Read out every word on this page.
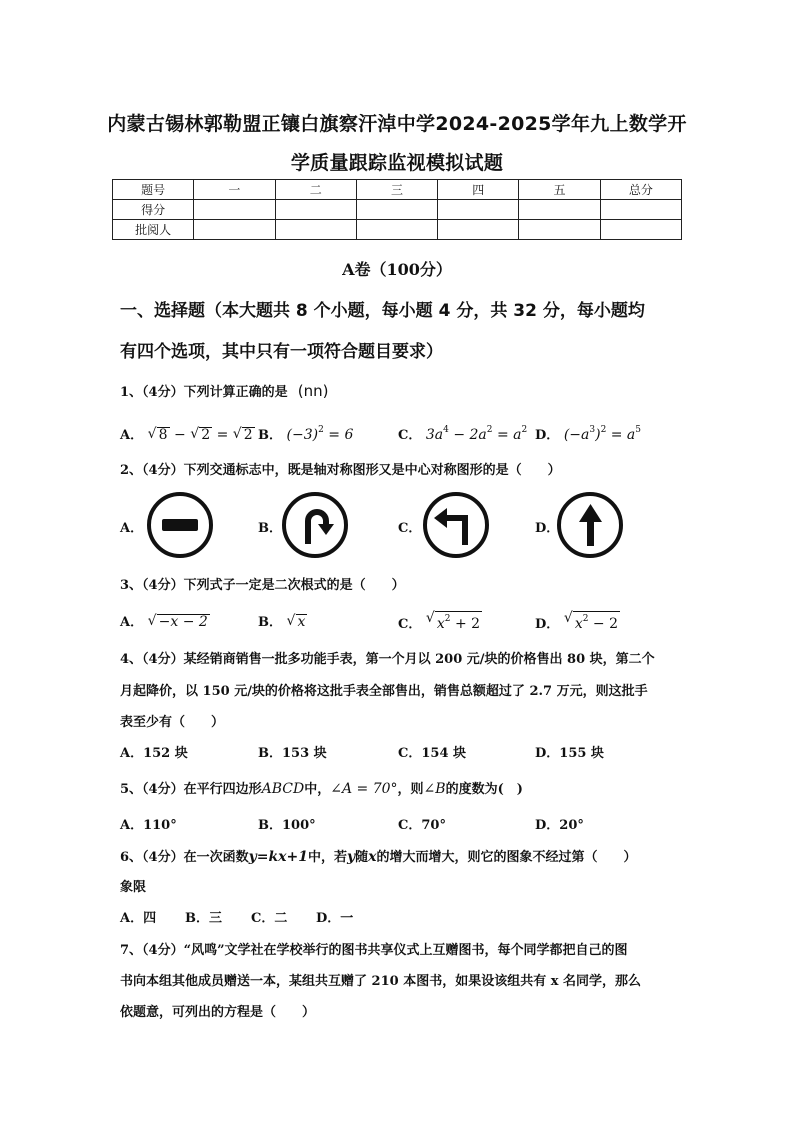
内蒙古锡林郭勒盟正镶白旗察汗淖中学2024-2025学年九上数学开
学质量跟踪监视模拟试题
题号	一	二	三	四	五	总分
得分						
批阅人						
A卷（100分）
一、选择题（本大题共 8 个小题，每小题 4 分，共 32 分，每小题均
有四个选项，其中只有一项符合题目要求）
1、（4分）下列计算正确的是 (nn)
A． √ 8 − √ 2 = √ 2 B． $(-3)^2 = 6$	C． $3a^4 - 2a^2 = a^2$ D． $(-a^3)^2 = a^5$
2、（4分）下列交通标志中，既是轴对称图形又是中心对称图形的是（　　）
A．	B．	C．	D．
3、（4分）下列式子一定是二次根式的是（　　）
A． √ −x − 2	B． √ x	C． √ $x^2 + 2$	D． √ $x^2 - 2$
4、（4分）某经销商销售一批多功能手表，第一个月以 200 元/块的价格售出 80 块，第二个
月起降价，以 150 元/块的价格将这批手表全部售出，销售总额超过了 2.7 万元，则这批手
表至少有（　　）
A．152 块	B．153 块	C．154 块	D．155 块
5、（4分）在平行四边形ABCD中，∠A = 70°，则∠B的度数为(　)
A．110°	B．100°	C．70°	D．20°
6、（4分）在一次函数y=kx+1中，若y随x的增大而增大，则它的图象不经过第（　　）
象限
A．四 B．三 C．二 D．一
7、（4分）“风鸣”文学社在学校举行的图书共享仪式上互赠图书，每个同学都把自己的图
书向本组其他成员赠送一本，某组共互赠了 210 本图书，如果设该组共有 x 名同学，那么
依题意，可列出的方程是（　　）
